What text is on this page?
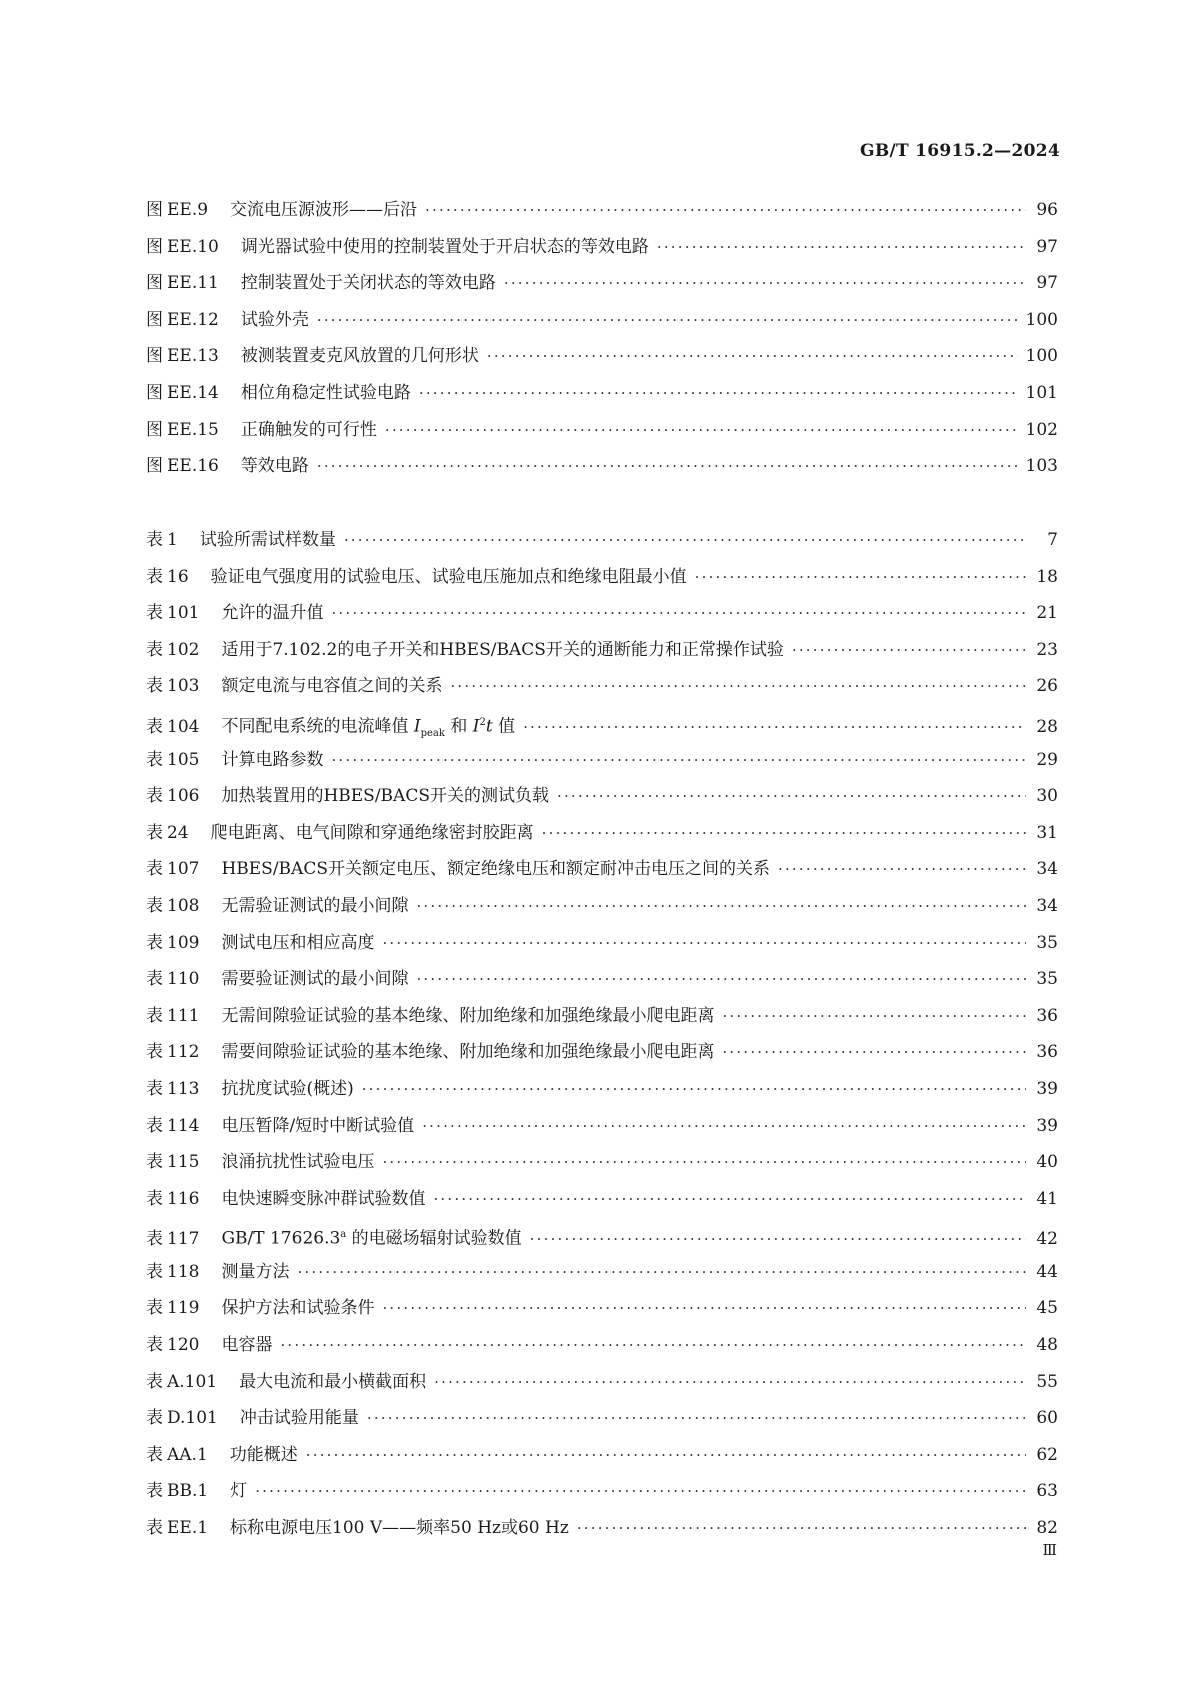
GB/T 16915.2—2024
图 EE.9 交流电压源波形——后沿 ·····	96
图 EE.10 调光器试验中使用的控制装置处于开启状态的等效电路 ·····	97
图 EE.11 控制装置处于关闭状态的等效电路 ·····	97
图 EE.12 试验外壳 ·····	100
图 EE.13 被测装置麦克风放置的几何形状 ·····	100
图 EE.14 相位角稳定性试验电路 ·····	101
图 EE.15 正确触发的可行性 ·····	102
图 EE.16 等效电路 ·····	103
表 1 试验所需试样数量 ·····	7
表 16 验证电气强度用的试验电压、试验电压施加点和绝缘电阻最小值 ·····	18
表 101 允许的温升值 ·····	21
表 102 适用于7.102.2的电子开关和HBES/BACS开关的通断能力和正常操作试验 ·····	23
表 103 额定电流与电容值之间的关系 ·····	26
表 104 不同配电系统的电流峰值 $I_{peak}$ 和 $I^2t$ 值 ·····	28
表 105 计算电路参数 ·····	29
表 106 加热装置用的HBES/BACS开关的测试负载 ·····	30
表 24 爬电距离、电气间隙和穿通绝缘密封胶距离 ·····	31
表 107 HBES/BACS开关额定电压、额定绝缘电压和额定耐冲击电压之间的关系 ·····	34
表 108 无需验证测试的最小间隙 ·····	34
表 109 测试电压和相应高度 ·····	35
表 110 需要验证测试的最小间隙 ·····	35
表 111 无需间隙验证试验的基本绝缘、附加绝缘和加强绝缘最小爬电距离 ·····	36
表 112 需要间隙验证试验的基本绝缘、附加绝缘和加强绝缘最小爬电距离 ·····	36
表 113 抗扰度试验(概述) ·····	39
表 114 电压暂降/短时中断试验值 ·····	39
表 115 浪涌抗扰性试验电压 ·····	40
表 116 电快速瞬变脉冲群试验数值 ·····	41
表 117 GB/T 17626.3$^a$ 的电磁场辐射试验数值 ·····	42
表 118 测量方法 ·····	44
表 119 保护方法和试验条件 ·····	45
表 120 电容器 ·····	48
表 A.101 最大电流和最小横截面积 ·····	55
表 D.101 冲击试验用能量 ·····	60
表 AA.1 功能概述 ·····	62
表 BB.1 灯 ·····	63
表 EE.1 标称电源电压100 V——频率50 Hz或60 Hz ·····	82
Ⅲ
